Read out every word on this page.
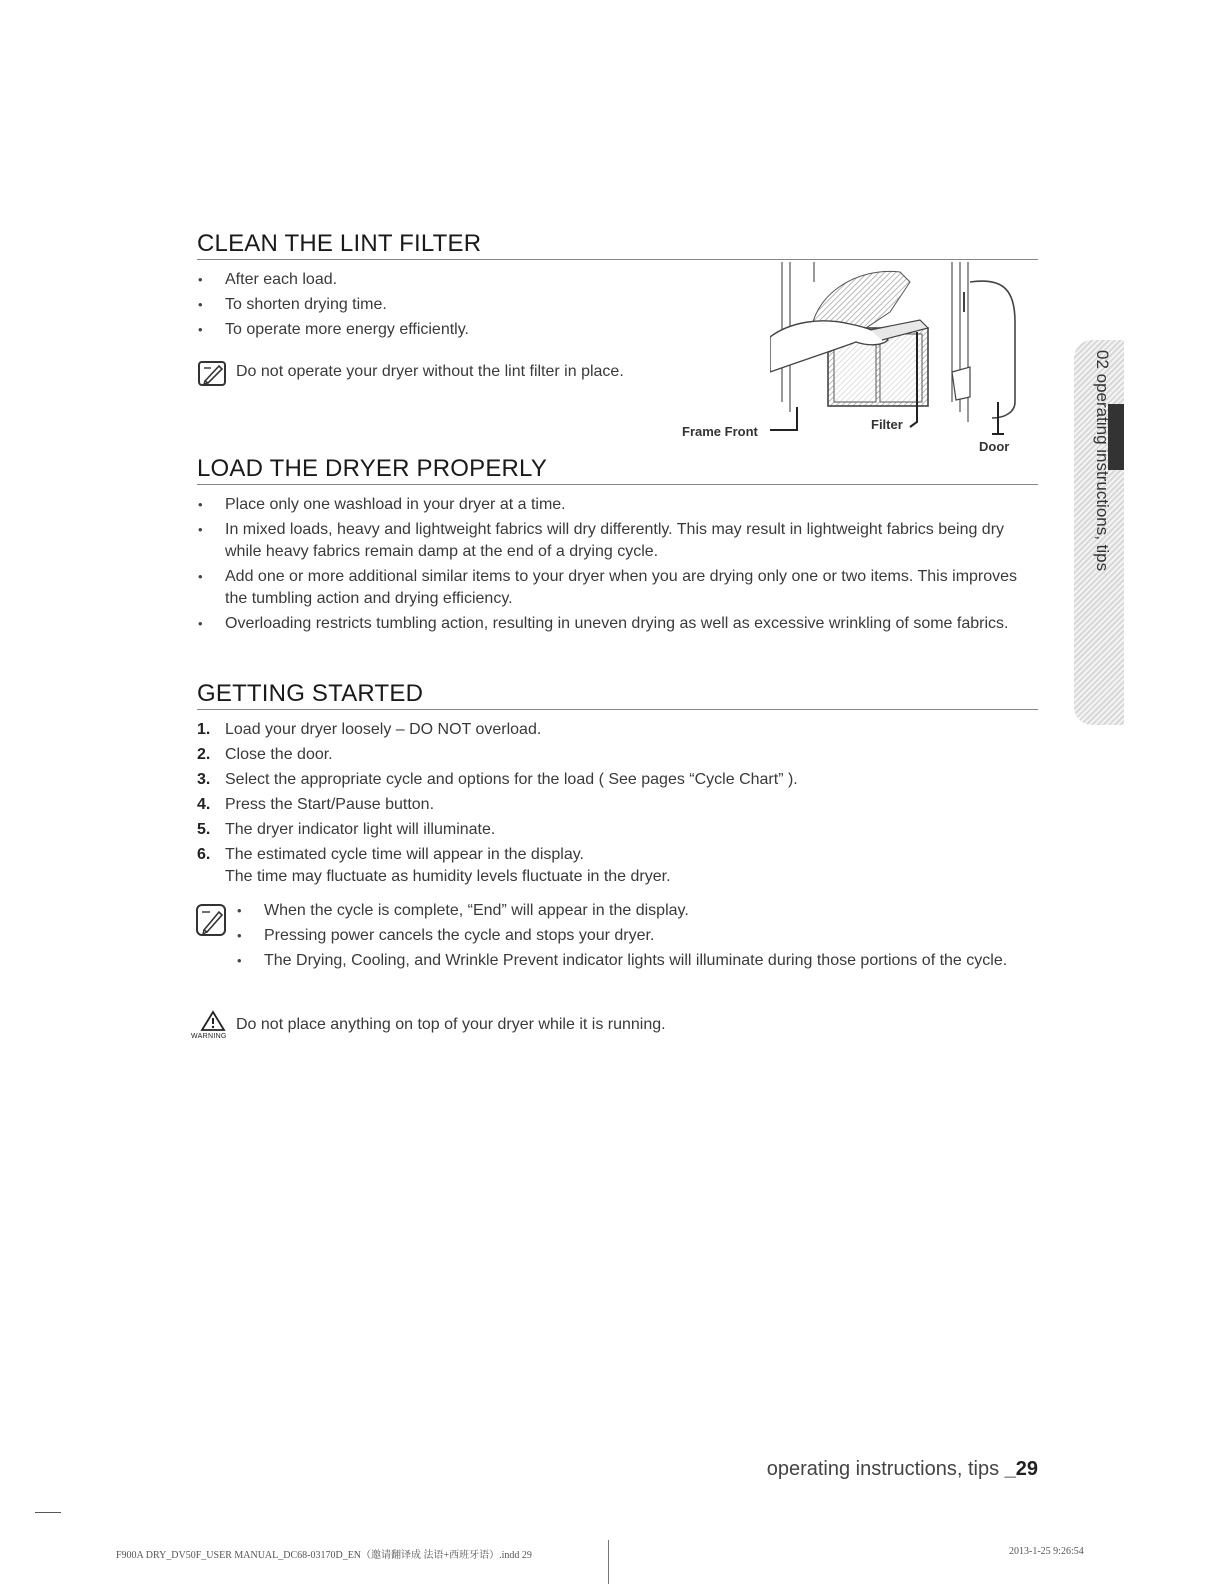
CLEAN THE LINT FILTER
• After each load.
• To shorten drying time.
• To operate more energy efficiently.
Do not operate your dryer without the lint filter in place.
Frame Front	Filter
Door
LOAD THE DRYER PROPERLY
• Place only one washload in your dryer at a time.
• In mixed loads, heavy and lightweight fabrics will dry differently. This may result in lightweight fabrics being dry while heavy fabrics remain damp at the end of a drying cycle.
• Add one or more additional similar items to your dryer when you are drying only one or two items. This improves the tumbling action and drying efficiency.
• Overloading restricts tumbling action, resulting in uneven drying as well as excessive wrinkling of some fabrics.
GETTING STARTED
1. Load your dryer loosely – DO NOT overload.
2. Close the door.
3. Select the appropriate cycle and options for the load ( See pages “Cycle Chart” ).
4. Press the Start/Pause button.
5. The dryer indicator light will illuminate.
6. The estimated cycle time will appear in the display.
The time may fluctuate as humidity levels fluctuate in the dryer.
• When the cycle is complete, “End” will appear in the display.
• Pressing power cancels the cycle and stops your dryer.
• The Drying, Cooling, and Wrinkle Prevent indicator lights will illuminate during those portions of the cycle.
WARNING
Do not place anything on top of your dryer while it is running.
02 operating instructions, tips
operating instructions, tips _29
F900A DRY_DV50F_USER MANUAL_DC68-03170D_EN（邀请翻译成 法语+西班牙语）.indd 29	2013-1-25 9:26:54
